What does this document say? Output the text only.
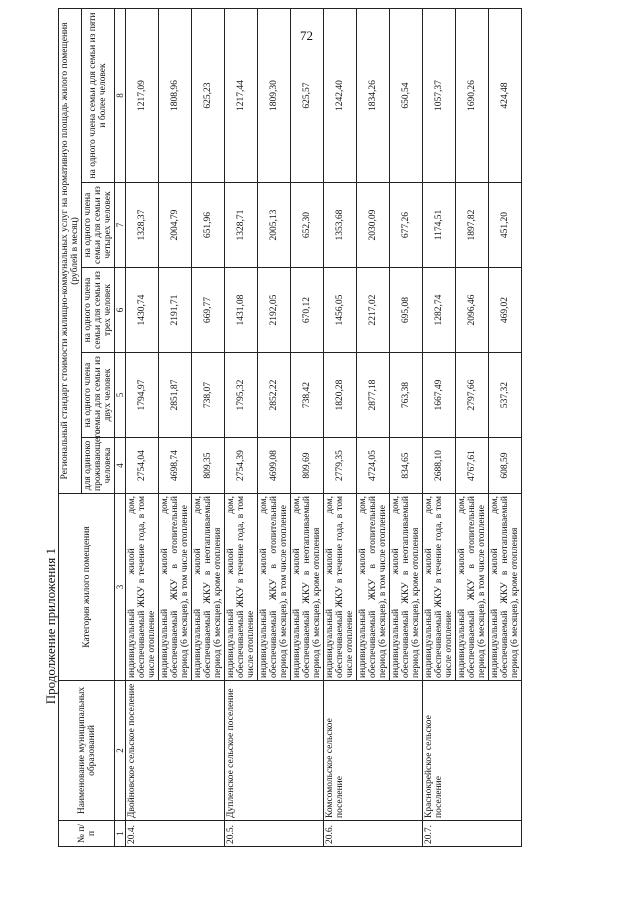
72
Продолжение приложения 1
№ п/п	Наименование муниципальных образований	Категория жилого помещения	Региональный стандарт стоимости жилищно-коммунальных услуг на нормативную площадь жилого помещения (рублей в месяц)				
			для одиноко проживающего человека	на одного члена семьи для семьи из двух человек	на одного члена семьи для семьи из трех человек	на одного члена семьи для семьи из четырех человек	на одного члена семьи для семьи из пяти и более человек
1	2	3	4	5	6	7	8
20.4.	Двойновское сельское поселение	индивидуальный жилой дом, обеспечиваемый ЖКУ в течение года, в том числе отопление	2754,04	1794,97	1430,74	1328,37	1217,09
		индивидуальный жилой дом, обеспечиваемый ЖКУ в отопительный период (6 месяцев), в том числе отопление	4698,74	2851,87	2191,71	2004,79	1808,96
		индивидуальный жилой дом, обеспечиваемый ЖКУ в неотапливаемый период (6 месяцев), кроме отопления	809,35	738,07	669,77	651,96	625,23
20.5.	Дупленское сельское поселение	индивидуальный жилой дом, обеспечиваемый ЖКУ в течение года, в том числе отопление	2754,39	1795,32	1431,08	1328,71	1217,44
		индивидуальный жилой дом, обеспечиваемый ЖКУ в отопительный период (6 месяцев), в том числе отопление	4699,08	2852,22	2192,05	2005,13	1809,30
		индивидуальный жилой дом, обеспечиваемый ЖКУ в неотапливаемый период (6 месяцев), кроме отопления	809,69	738,42	670,12	652,30	625,57
20.6.	Комсомольское сельское поселение	индивидуальный жилой дом, обеспечиваемый ЖКУ в течение года, в том числе отопление	2779,35	1820,28	1456,05	1353,68	1242,40
		индивидуальный жилой дом, обеспечиваемый ЖКУ в отопительный период (6 месяцев), в том числе отопление	4724,05	2877,18	2217,02	2030,09	1834,26
		индивидуальный жилой дом, обеспечиваемый ЖКУ в неотапливаемый период (6 месяцев), кроме отопления	834,65	763,38	695,08	677,26	650,54
20.7.	Краснокрейское сельское поселение	индивидуальный жилой дом, обеспечиваемый ЖКУ в течение года, в том числе отопление	2688,10	1667,49	1282,74	1174,51	1057,37
		индивидуальный жилой дом, обеспечиваемый ЖКУ в отопительный период (6 месяцев), в том числе отопление	4767,61	2797,66	2096,46	1897,82	1690,26
		индивидуальный жилой дом, обеспечиваемый ЖКУ в неотапливаемый период (6 месяцев), кроме отопления	608,59	537,32	469,02	451,20	424,48
